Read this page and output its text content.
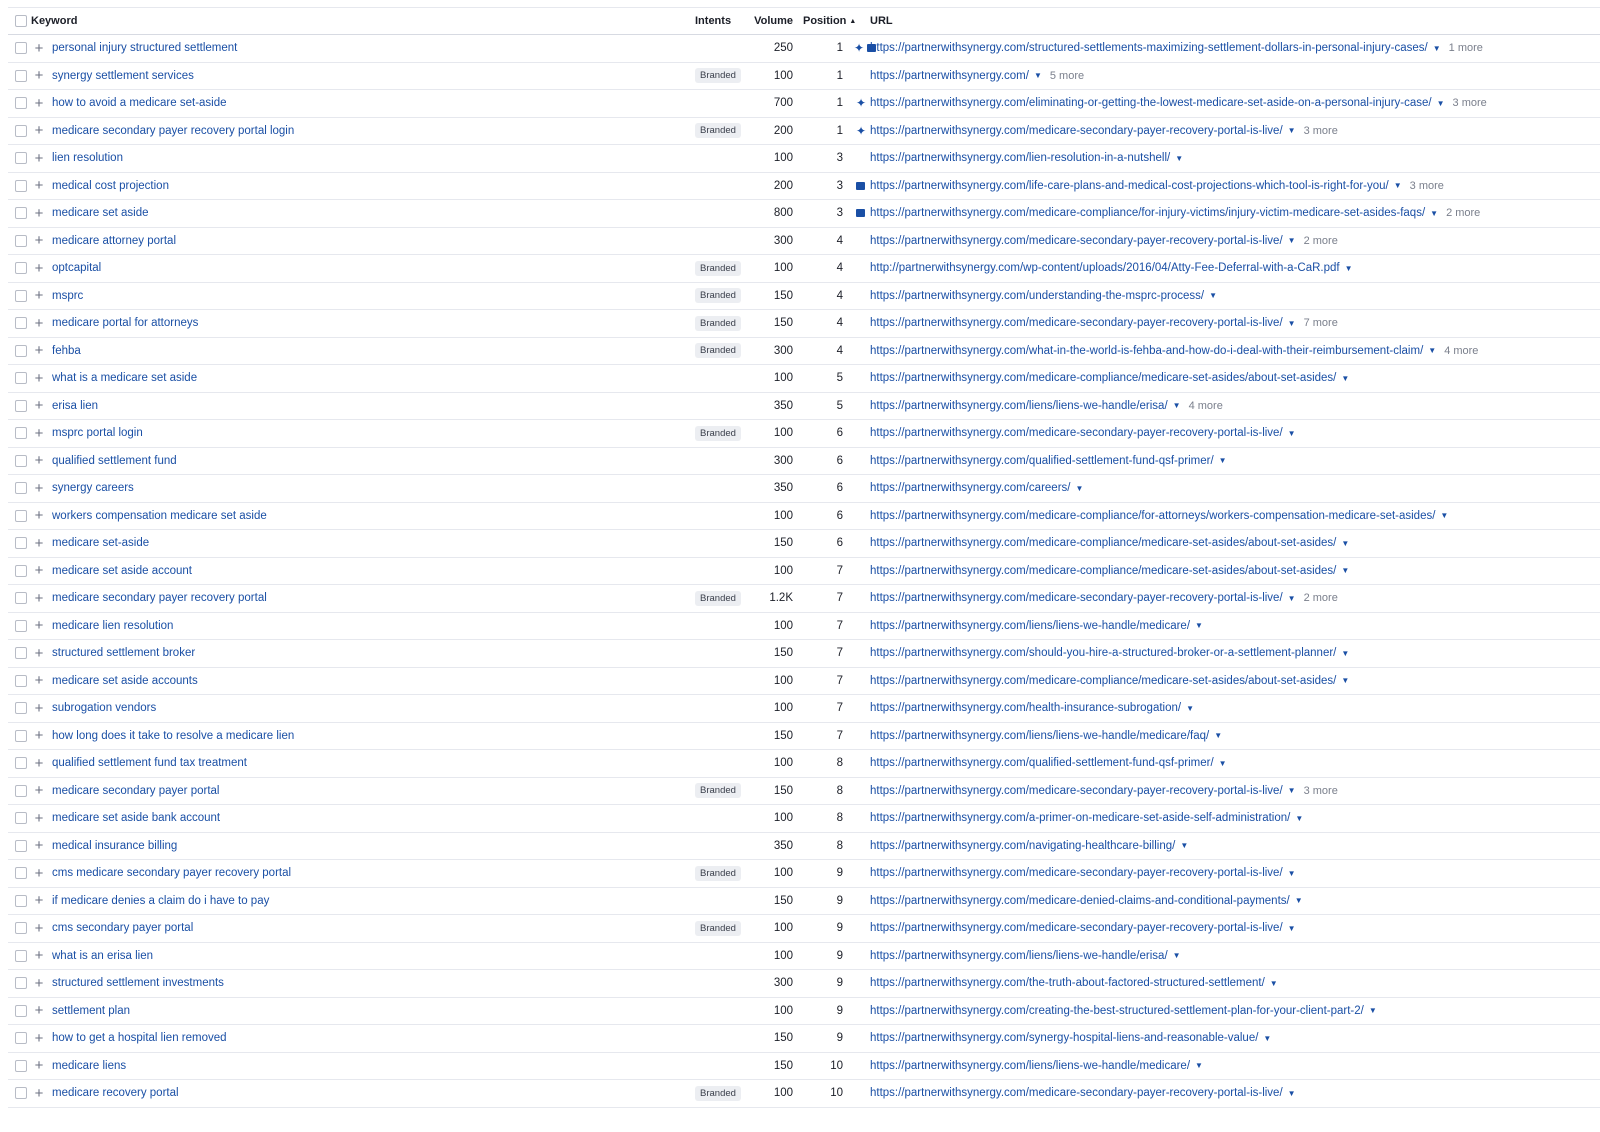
Keyword	Intents	Volume Position ▲ URL
+ personal injury structured settlement	250	1 ✦ https://partnerwithsynergy.com/structured-settlements-maximizing-settlement-dollars-in-personal-injury-cases/ ▼ 1 more
+ synergy settlement services	Branded	100	1 https://partnerwithsynergy.com/ ▼ 5 more
+ how to avoid a medicare set-aside	700	1 ✦ https://partnerwithsynergy.com/eliminating-or-getting-the-lowest-medicare-set-aside-on-a-personal-injury-case/ ▼ 3 more
+ medicare secondary payer recovery portal login	Branded	200	1 ✦ https://partnerwithsynergy.com/medicare-secondary-payer-recovery-portal-is-live/ ▼ 3 more
+ lien resolution	100	3 https://partnerwithsynergy.com/lien-resolution-in-a-nutshell/ ▼
+ medical cost projection	200	3 https://partnerwithsynergy.com/life-care-plans-and-medical-cost-projections-which-tool-is-right-for-you/ ▼ 3 more
+ medicare set aside	800	3 https://partnerwithsynergy.com/medicare-compliance/for-injury-victims/injury-victim-medicare-set-asides-faqs/ ▼ 2 more
+ medicare attorney portal	300	4 https://partnerwithsynergy.com/medicare-secondary-payer-recovery-portal-is-live/ ▼ 2 more
+ optcapital	Branded	100	4 http://partnerwithsynergy.com/wp-content/uploads/2016/04/Atty-Fee-Deferral-with-a-CaR.pdf ▼
+ msprc	Branded	150	4 https://partnerwithsynergy.com/understanding-the-msprc-process/ ▼
+ medicare portal for attorneys	Branded	150	4 https://partnerwithsynergy.com/medicare-secondary-payer-recovery-portal-is-live/ ▼ 7 more
+ fehba	Branded	300	4 https://partnerwithsynergy.com/what-in-the-world-is-fehba-and-how-do-i-deal-with-their-reimbursement-claim/ ▼ 4 more
+ what is a medicare set aside	100	5 https://partnerwithsynergy.com/medicare-compliance/medicare-set-asides/about-set-asides/ ▼
+ erisa lien	350	5 https://partnerwithsynergy.com/liens/liens-we-handle/erisa/ ▼ 4 more
+ msprc portal login	Branded	100	6 https://partnerwithsynergy.com/medicare-secondary-payer-recovery-portal-is-live/ ▼
+ qualified settlement fund	300	6 https://partnerwithsynergy.com/qualified-settlement-fund-qsf-primer/ ▼
+ synergy careers	350	6 https://partnerwithsynergy.com/careers/ ▼
+ workers compensation medicare set aside	100	6 https://partnerwithsynergy.com/medicare-compliance/for-attorneys/workers-compensation-medicare-set-asides/ ▼
+ medicare set-aside	150	6 https://partnerwithsynergy.com/medicare-compliance/medicare-set-asides/about-set-asides/ ▼
+ medicare set aside account	100	7 https://partnerwithsynergy.com/medicare-compliance/medicare-set-asides/about-set-asides/ ▼
+ medicare secondary payer recovery portal	Branded	1.2K	7 https://partnerwithsynergy.com/medicare-secondary-payer-recovery-portal-is-live/ ▼ 2 more
+ medicare lien resolution	100	7 https://partnerwithsynergy.com/liens/liens-we-handle/medicare/ ▼
+ structured settlement broker	150	7 https://partnerwithsynergy.com/should-you-hire-a-structured-broker-or-a-settlement-planner/ ▼
+ medicare set aside accounts	100	7 https://partnerwithsynergy.com/medicare-compliance/medicare-set-asides/about-set-asides/ ▼
+ subrogation vendors	100	7 https://partnerwithsynergy.com/health-insurance-subrogation/ ▼
+ how long does it take to resolve a medicare lien	150	7 https://partnerwithsynergy.com/liens/liens-we-handle/medicare/faq/ ▼
+ qualified settlement fund tax treatment	100	8 https://partnerwithsynergy.com/qualified-settlement-fund-qsf-primer/ ▼
+ medicare secondary payer portal	Branded	150	8 https://partnerwithsynergy.com/medicare-secondary-payer-recovery-portal-is-live/ ▼ 3 more
+ medicare set aside bank account	100	8 https://partnerwithsynergy.com/a-primer-on-medicare-set-aside-self-administration/ ▼
+ medical insurance billing	350	8 https://partnerwithsynergy.com/navigating-healthcare-billing/ ▼
+ cms medicare secondary payer recovery portal	Branded	100	9 https://partnerwithsynergy.com/medicare-secondary-payer-recovery-portal-is-live/ ▼
+ if medicare denies a claim do i have to pay	150	9 https://partnerwithsynergy.com/medicare-denied-claims-and-conditional-payments/ ▼
+ cms secondary payer portal	Branded	100	9 https://partnerwithsynergy.com/medicare-secondary-payer-recovery-portal-is-live/ ▼
+ what is an erisa lien	100	9 https://partnerwithsynergy.com/liens/liens-we-handle/erisa/ ▼
+ structured settlement investments	300	9 https://partnerwithsynergy.com/the-truth-about-factored-structured-settlement/ ▼
+ settlement plan	100	9 https://partnerwithsynergy.com/creating-the-best-structured-settlement-plan-for-your-client-part-2/ ▼
+ how to get a hospital lien removed	150	9 https://partnerwithsynergy.com/synergy-hospital-liens-and-reasonable-value/ ▼
+ medicare liens	150	10 https://partnerwithsynergy.com/liens/liens-we-handle/medicare/ ▼
+ medicare recovery portal	Branded	100	10 https://partnerwithsynergy.com/medicare-secondary-payer-recovery-portal-is-live/ ▼
